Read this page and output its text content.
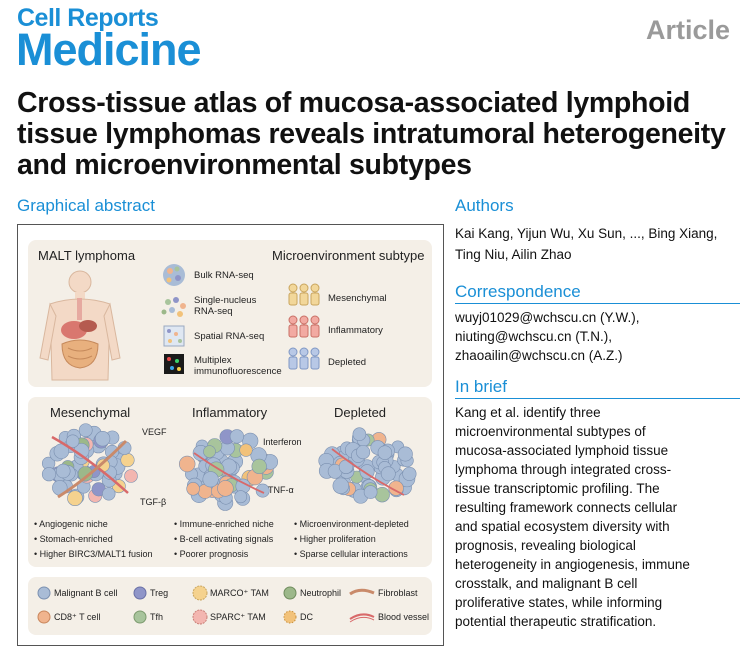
Cell Reports
Medicine	Article
Cross-tissue atlas of mucosa-associated lymphoid tissue lymphomas reveals intratumoral heterogeneity and microenvironmental subtypes
Graphical abstract	Authors
Correspondence
In brief
Kai Kang, Yijun Wu, Xu Sun, ..., Bing Xiang,
Ting Niu, Ailin Zhao
wuyj01029@wchscu.cn (Y.W.),
niuting@wchscu.cn (T.N.),
zhaoailin@wchscu.cn (A.Z.)
Kang et al. identify three
microenvironmental subtypes of
mucosa-associated lymphoid tissue
lymphoma through integrated cross-
tissue transcriptomic profiling. The
resulting framework connects cellular
and spatial ecosystem diversity with
prognosis, revealing biological
heterogeneity in angiogenesis, immune
crosstalk, and malignant B cell
proliferative states, while informing
potential therapeutic stratification.
MALT lymphoma	Microenvironment subtype
Bulk RNA-seq
Single-nucleus
RNA-seq
Spatial RNA-seq
Multiplex
immunofluorescence
Mesenchymal
Inflammatory
Depleted
Mesenchymal	Inflammatory	Depleted
VEGF
TGF-β
Interferon
TNF-α
• Angiogenic niche
• Stomach-enriched
• Higher BIRC3/MALT1 fusion
• Immune-enriched niche
• B-cell activating signals
• Poorer prognosis
• Microenvironment-depleted
• Higher proliferation
• Sparse cellular interactions
Malignant B cell	Treg	MARCO⁺ TAM	Neutrophil	Fibroblast
CD8⁺ T cell	Tfh	SPARC⁺ TAM	DC	Blood vessel
